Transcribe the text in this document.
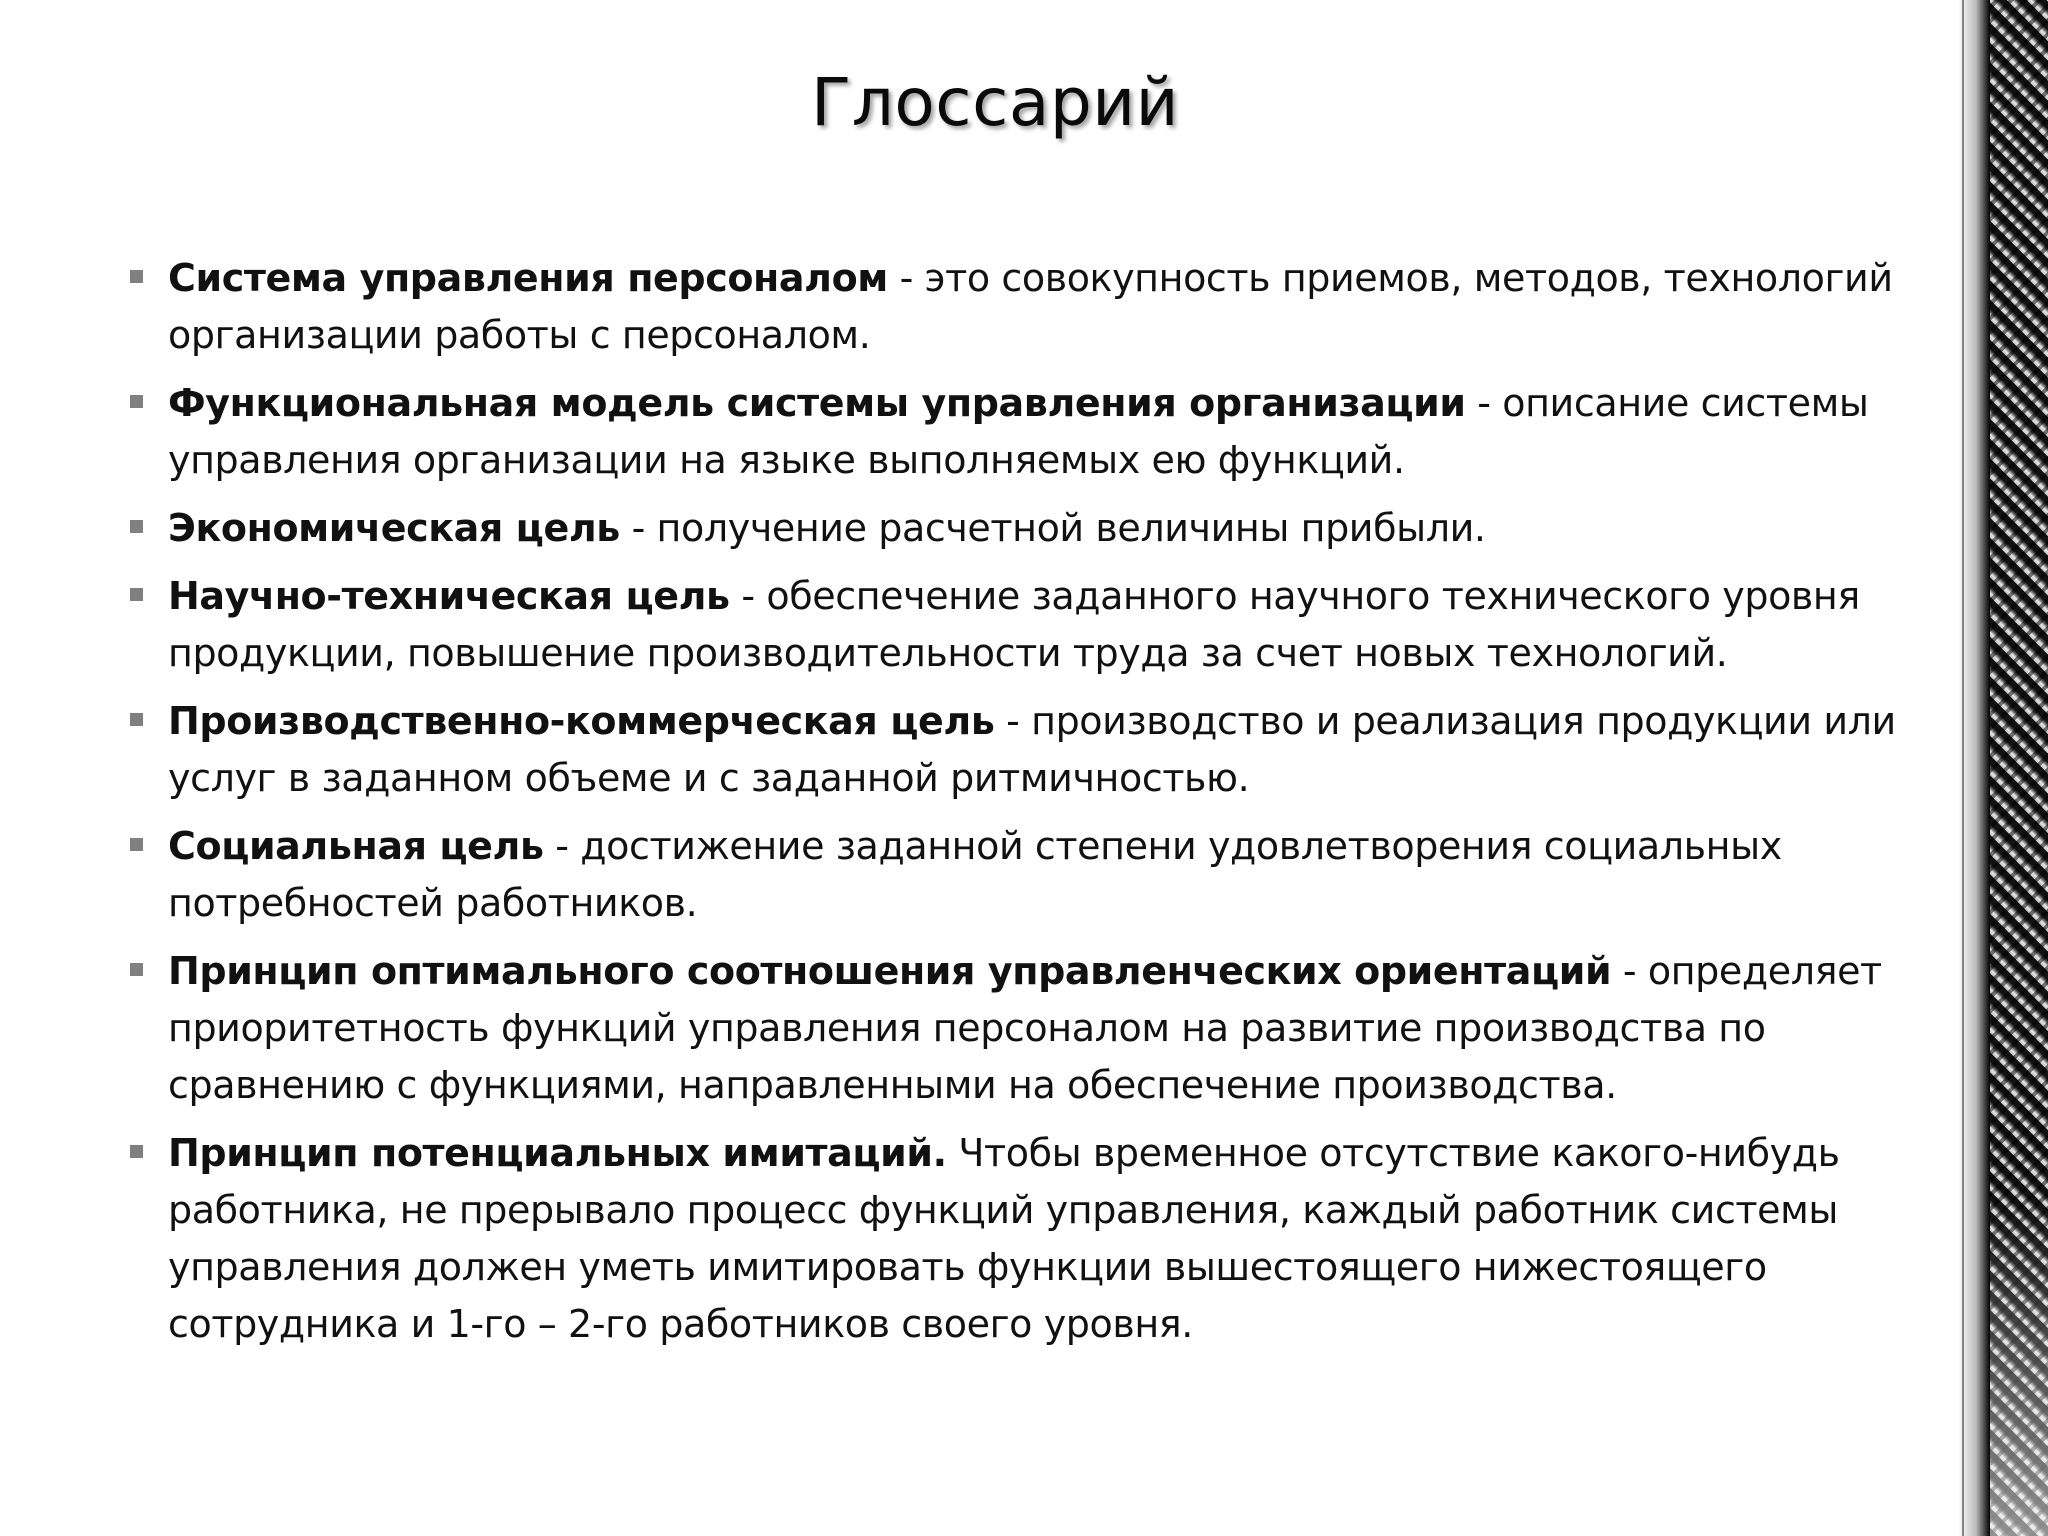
Глоссарий
Система управления персоналом - это совокупность приемов, методов, технологий организации работы с персоналом.
Функциональная модель системы управления организации - описание системы управления организации на языке выполняемых ею функций.
Экономическая цель - получение расчетной величины прибыли.
Научно-техническая цель - обеспечение заданного научного технического уровня продукции, повышение производительности труда за счет новых технологий.
Производственно-коммерческая цель - производство и реализация продукции или услуг в заданном объеме и с заданной ритмичностью.
Социальная цель - достижение заданной степени удовлетворения социальных потребностей работников.
Принцип оптимального соотношения управленческих ориентаций - определяет приоритетность функций управления персоналом на развитие производства по сравнению с функциями, направленными на обеспечение производства.
Принцип потенциальных имитаций. Чтобы временное отсутствие какого-нибудь работника, не прерывало процесс функций управления, каждый работник системы управления должен уметь имитировать функции вышестоящего нижестоящего сотрудника и 1-го – 2-го работников своего уровня.
